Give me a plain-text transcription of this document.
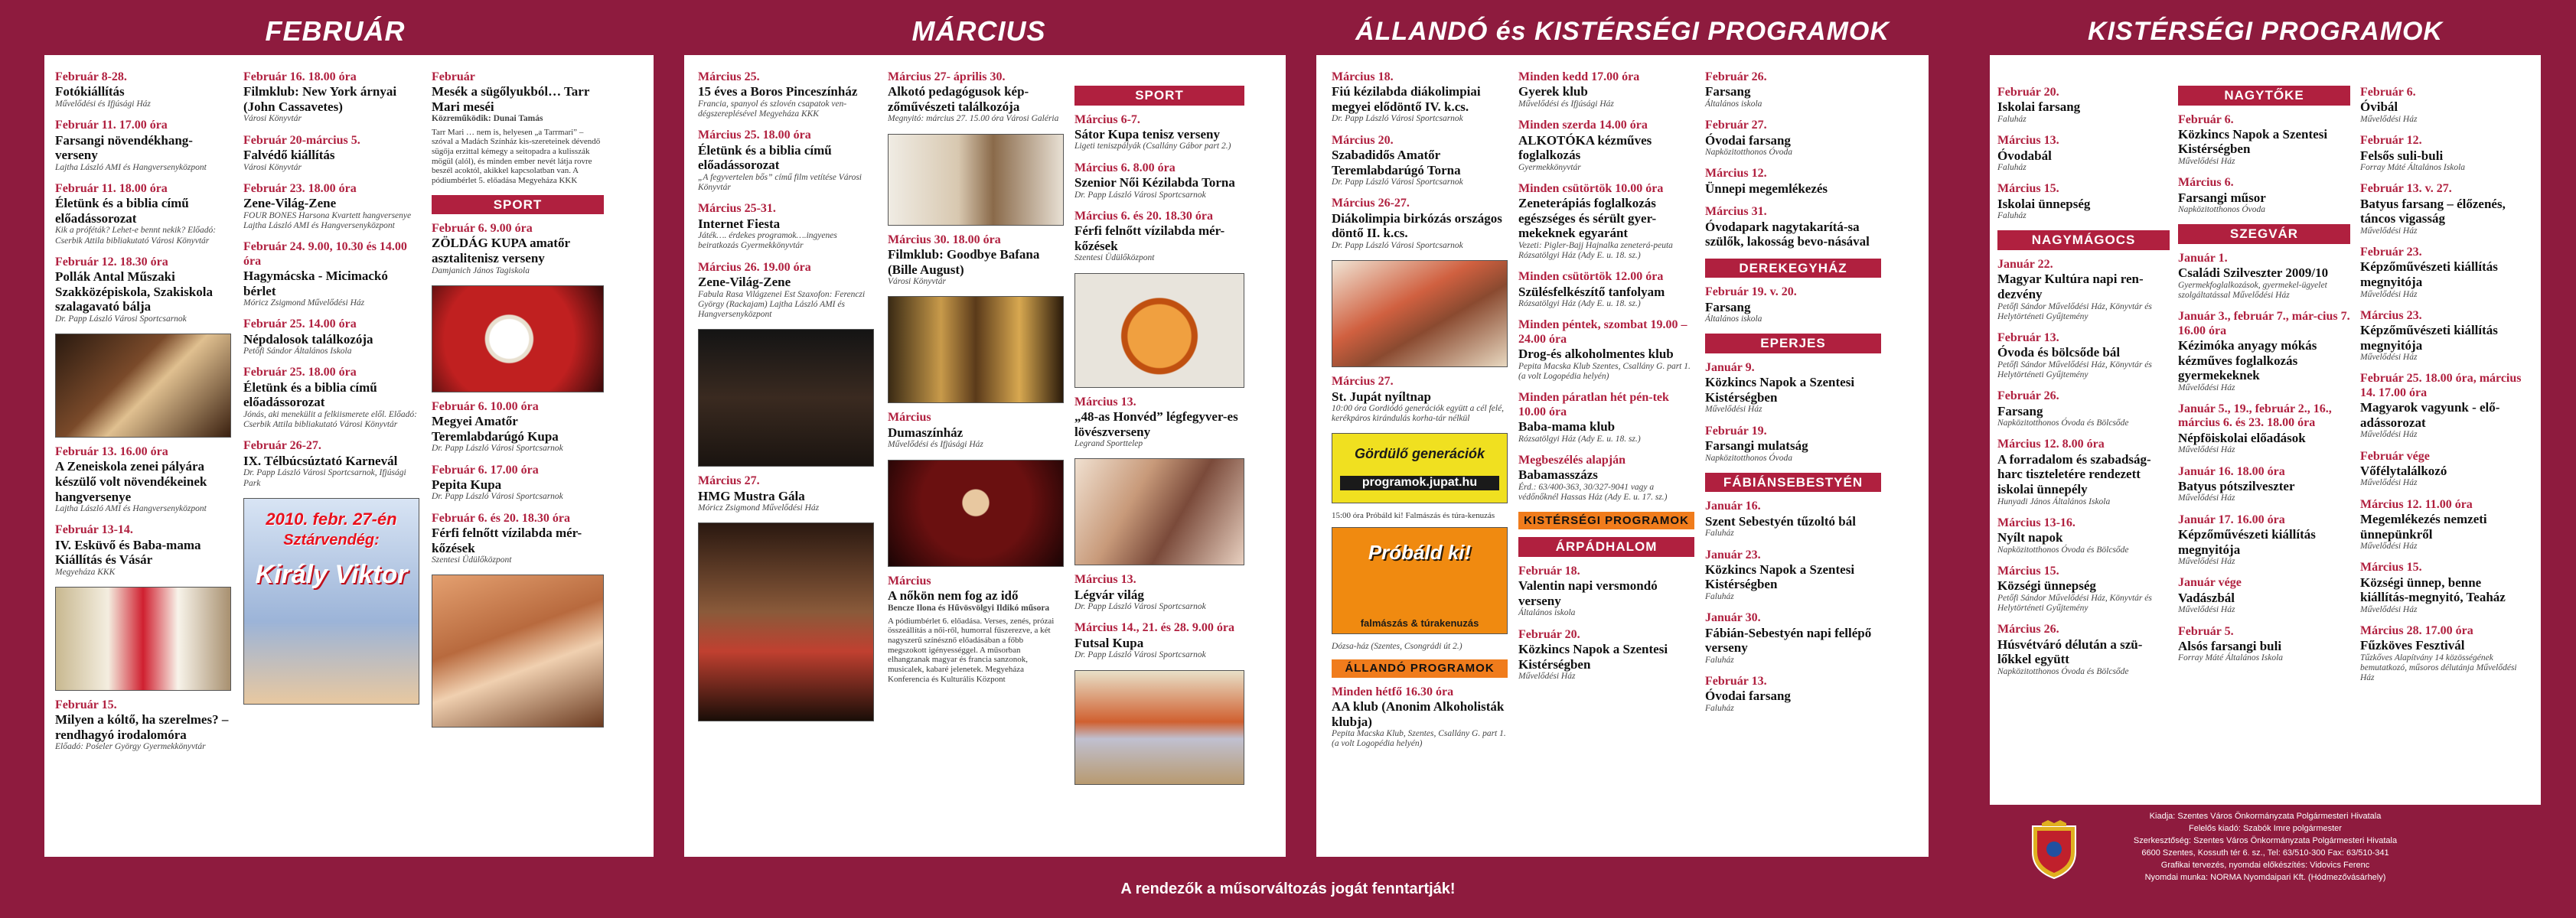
FEBRUÁR	MÁRCIUS	ÁLLANDÓ és KISTÉRSÉGI PROGRAMOK	KISTÉRSÉGI PROGRAMOK
Február 8-28.
Fotókiállítás
Művelődési és Ifjúsági Ház
Február 11. 17.00 óra
Farsangi növendékhang-verseny
Lajtha László AMI és Hangversenyközpont
Február 11. 18.00 óra
Életünk és a biblia című előadássorozat
Kik a próféták? Lehet-e bennt nekik? Előadó: Cserbik Attila bibliakutató Városi Könyvtár
Február 12. 18.30 óra
Pollák Antal Műszaki Szakközépiskola, Szakiskola szalagavató bálja
Dr. Papp László Városi Sportcsarnok
Február 13. 16.00 óra
A Zeneiskola zenei pályára készülő volt növendékeinek hangversenye
Lajtha László AMI és Hangversenyközpont
Február 13-14.
IV. Esküvő és Baba-mama Kiállítás és Vásár
Megyeháza KKK
Február 15.
Milyen a kóltő, ha szerelmes? – rendhagyó irodalomóra
Előadó: Pośeler György Gyermekkönyvtár
Február 16. 18.00 óra
Filmklub: New York árnyai (John Cassavetes)
Városi Könyvtár
Február 20-március 5.
Falvédő kiállítás
Városi Könyvtár
Február 23. 18.00 óra
Zene-Világ-Zene
FOUR BONES Harsona Kvartett hangversenye Lajtha László AMI és Hangversenyközpont
Február 24. 9.00, 10.30 és 14.00 óra
Hagymácska - Micimackó bérlet
Móricz Zsigmond Művelődési Ház
Február 25. 14.00 óra
Népdalosok találkozója
Petőfi Sándor Általános Iskola
Február 25. 18.00 óra
Életünk és a biblia című előadássorozat
Jónás, aki menekülit a felkiismerete elől. Előadó: Cserbik Attila bibliakutató Városi Könyvtár
Február 26-27.
IX. Télbúcsúztató Karnevál
Dr. Papp László Városi Sportcsarnok, Ifjúsági Park
2010. febr. 27-én
Sztárvendég:
Király Viktor
Február
Mesék a sügőlyukból… Tarr Mari meséi
Közreműködik: Dunai Tamás
Tarr Mari … nem is, helyesen „a Tarrmari” – szóval a Madách Színház kis-szereteinek dévendő sügőja erzittal kémegy a seitopadra a kulisszák mögül (alól), és minden ember nevét látja rovre beszél acoktól, akikkel kapcsolatban van. A pódiumbérlet 5. előadása Megyeháza KKK
SPORT
Február 6. 9.00 óra
ZÖLDÁG KUPA amatőr asztalitenisz verseny
Damjanich János Tagiskola
Február 6. 10.00 óra
Megyei Amatőr Teremlabdarúgó Kupa
Dr. Papp László Városi Sportcsarnok
Február 6. 17.00 óra
Pepita Kupa
Dr. Papp László Városi Sportcsarnok
Február 6. és 20. 18.30 óra
Férfi felnőtt vízilabda mér-kőzések
Szentesi Üdülőközpont
Március 25.
15 éves a Boros Pinceszínház
Francia, spanyol és szlovén csapatok ven-dégszereplésével Megyeháza KKK
Március 25. 18.00 óra
Életünk és a biblia című előadássorozat
„A fegyverteleп bős” című film vetítése Városi Könyvtár
Március 25-31.
Internet Fiesta
Játék…. érdekes programok….ingyenes beiratkozás Gyermekkönyvtár
Március 26. 19.00 óra
Zene-Világ-Zene
Fabula Rasa Világzenei Est Szaxofon: Ferenczi György (Rackajam) Lajtha László AMI és Hangversenyközpont
Március 27.
HMG Mustra Gála
Móricz Zsigmond Művelődési Ház
Március 27- április 30.
Alkotó pedagógusok kép-zőművészeti találkozója
Megnyitó: március 27. 15.00 óra Városi Galéria
Március 30. 18.00 óra
Filmklub: Goodbye Bafana (Bille August)
Városi Könyvtár
Március
Dumaszínház
Művelődési és Ifjúsági Ház
Március
A nőkön nem fog az idő
Bencze Ilona és Hűvösvölgyi Ildikó műsora
A pódiumbérlet 6. előadása. Verses, zenés, prózai összeállítás a női-ről, humorral fűszerezve, a két nagyszerű színésznő előadásában a főbb megszokott igényességgel. A műsorban elhangzanak magyar és francia sanzonok, musicalek, kabaré jelenetek. Megyeháza Konferencia és Kulturális Központ
SPORT
Március 6-7.
Sátor Kupa tenisz verseny
Ligeti teniszpályák (Csallány Gábor part 2.)
Március 6. 8.00 óra
Szenior Női Kézilabda Torna
Dr. Papp László Városi Sportcsarnok
Március 6. és 20. 18.30 óra
Férfi felnőtt vízilabda mér-kőzések
Szentesi Üdülőközpont
Március 13.
„48-as Honvéd” légfegyver-es lövészverseny
Legrand Sportteleр
Március 13.
Légvár világ
Dr. Papp László Városi Sportcsarnok
Március 14., 21. és 28. 9.00 óra
Futsal Kupa
Dr. Papp László Városi Sportcsarnok
Március 18.
Fiú kézilabda diákolimpiai megyei elődöntő IV. k.cs.
Dr. Papp László Városi Sportcsarnok
Március 20.
Szabadidős Amatőr Teremlabdarúgó Torna
Dr. Papp László Városi Sportcsarnok
Március 26-27.
Diákolimpia birkózás országos döntő II. k.cs.
Dr. Papp László Városi Sportcsarnok
Március 27.
St. Jupát nyíltnap
10:00 óra Gordiódó generációk együtt a cél felé, kerékpáros kirándulás korha-tár nélkül
Gördülő generációk
programok.jupat.hu
15:00 óra Próbáld ki! Falmászás és túra-kenuzás
Próbáld ki!
falmászás & túrakenuzás
Dózsa-ház (Szentes, Csongrádi út 2.)
ÁLLANDÓ PROGRAMOK
Minden hétfő 16.30 óra
AA klub (Anonim Alkoholisták klubja)
Pepita Macska Klub, Szentes, Csallány G. part 1.(a volt Logopédia helyén)
Minden kedd 17.00 óra
Gyerek klub
Művelődési és Ifjúsági Ház
Minden szerda 14.00 óra
ALKOTÓKA kézműves foglalkozás
Gyermekkönyvtár
Minden csütörtök 10.00 óra
Zeneterápiás foglalkozás egészséges és sérült gyer-mekeknek egyaránt
Vezeti: Pigler-Bajj Hajnalka zeneterá-peuta Rózsatölgyi Ház (Ady E. u. 18. sz.)
Minden csütörtök 12.00 óra
Szülésfelkészítő tanfolyam
Rózsatölgyi Ház (Ady E. u. 18. sz.)
Minden péntek, szombat 19.00 – 24.00 óra
Drog-és alkoholmentes klub
Pepita Macska Klub Szentes, Csallány G. part 1.(a volt Logopédia helyén)
Minden páratlan hét pén-tek 10.00 óra
Baba-mama klub
Rózsatölgyi Ház (Ady E. u. 18. sz.)
Megbeszélés alapján
Babamasszázs
Érd.: 63/400-363, 30/327-9041 vagy a védőnőknél Hassas Ház (Ady E. u. 17. sz.)
KISTÉRSÉGI PROGRAMOK
ÁRPÁDHALOM
Február 18.
Valentin napi versmondó verseny
Általános iskola
Február 20.
Közkincs Napok a Szentesi Kistérségben
Művelődési Ház
Február 26.
Farsang
Általános iskola
Február 27.
Óvodai farsang
Napközitotthonos Óvoda
Március 12.
Ünnepi megemlékezés
Március 31.
Óvodapark nagytakarítá-sa szülők, lakosság bevo-násával
DEREKEGYHÁZ
Február 19. v. 20.
Farsang
Általános iskola
EPERJES
Január 9.
Közkincs Napok a Szentesi Kistérségben
Művelődési Ház
Február 19.
Farsangi mulatság
Napközitotthonos Óvoda
FÁBIÁNSEBESTYÉN
Január 16.
Szent Sebestyén tűzoltó bál
Faluház
Január 23.
Közkincs Napok a Szentesi Kistérségben
Faluház
Január 30.
Fábián-Sebestyén napi fellépő verseny
Faluház
Február 13.
Óvodai farsang
Faluház
Február 20.
Iskolai farsang
Faluház
Március 13.
Óvodabál
Faluház
Március 15.
Iskolai ünnepség
Faluház
NAGYMÁGOCS
Január 22.
Magyar Kultúra napi ren-dezvény
Petőfi Sándor Művelődési Ház, Könyvtár és Helytörténeti Gyűjtemény
Február 13.
Óvoda és bölcsőde bál
Petőfi Sándor Művelődési Ház, Könyvtár és Helytörténeti Gyűjtemény
Február 26.
Farsang
Napközitotthonos Óvoda és Bölcsőde
Március 12. 8.00 óra
A forradalom és szabadság-harc tiszteletére rendezett iskolai ünnepély
Hunyadi János Általános Iskola
Március 13-16.
Nyílt napok
Napközitotthonos Óvoda és Bölcsőde
Március 15.
Községi ünnepség
Petőfi Sándor Művelődési Ház, Könyvtár és Helytörténeti Gyűjtemény
Március 26.
Húsvétváró délután a szü-lőkkel együtt
Napközitotthonos Óvoda és Bölcsőde
NAGYTŐKE
Február 6.
Közkincs Napok a Szentesi Kistérségben
Művelődési Ház
Március 6.
Farsangi műsor
Napközitotthonos Óvoda
SZEGVÁR
Január 1.
Családi Szilveszter 2009/10
Gyermekfoglalkozások, gyermekel-ügyelet szolgáltatással Művelődési Ház
Január 3., február 7., már-cius 7. 16.00 óra
Kézimóka anyagy mókás kézműves foglalkozás gyermekeknek
Művelődési Ház
Január 5., 19., február 2., 16., március 6. és 23. 18.00 óra
Népföiskolai előadások
Művelődési Ház
Január 16. 18.00 óra
Batyus pótszilveszter
Művelődési Ház
Január 17. 16.00 óra
Képzőművészeti kiállítás megnyitója
Művelődési Ház
Január vége
Vadászbál
Művelődési Ház
Február 5.
Alsós farsangi buli
Forray Máté Általános Iskola
Február 6.
Óvibál
Művelődési Ház
Február 12.
Felsős suli-buli
Forray Máté Általános Iskola
Február 13. v. 27.
Batyus farsang – élőzenés, táncos vigasság
Művelődési Ház
Február 23.
Képzőművészeti kiállítás megnyitója
Művelődési Ház
Március 23.
Képzőművészeti kiállítás megnyitója
Művelődési Ház
Február 25. 18.00 óra, március 14. 17.00 óra
Magyarok vagyunk - elő-adássorozat
Művelődési Ház
Február vége
Vőfélytalálkozó
Művelődési Ház
Március 12. 11.00 óra
Megemlékezés nemzeti ünnepünkről
Művelődési Ház
Március 15.
Községi ünnep, benne kiállítás-megnyitó, Teaház
Művelődési Ház
Március 28. 17.00 óra
Fűzköves Fesztivál
Tűzkőves Alapítvány 14 közösségének bemutatkozó, műsoros délutánja Művelődési Ház
Kiadja: Szentes Város Önkormányzata Polgármesteri Hivatala
Felelős kiadó: Szabók Imre polgármester
Szerkesztőség: Szentes Város Önkormányzata Polgármesteri Hivatala
6600 Szentes, Kossuth tér 6. sz., Tel: 63/510-300 Fax: 63/510-341
Grafikai tervezés, nyomdai előkészítés: Vidovics Ferenc
Nyomdai munka: NORMA Nyomdaipari Kft. (Hódmezővásárhely)
A rendezők a műsorváltozás jogát fenntartják!
